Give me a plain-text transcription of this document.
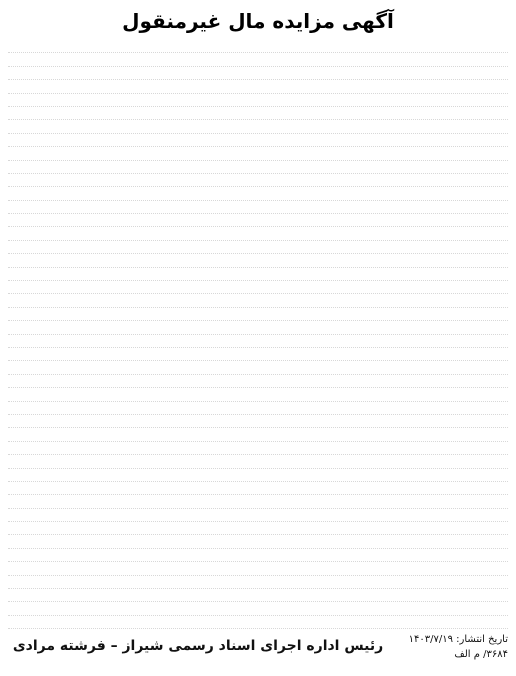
آگهی مزایده مال غیرمنقول

تاریخ انتشار: ۱۴۰۳/۷/۱۹
۳۶۸۴/ م الف
رئیس اداره اجرای اسناد رسمی شیراز – فرشته مرادی
